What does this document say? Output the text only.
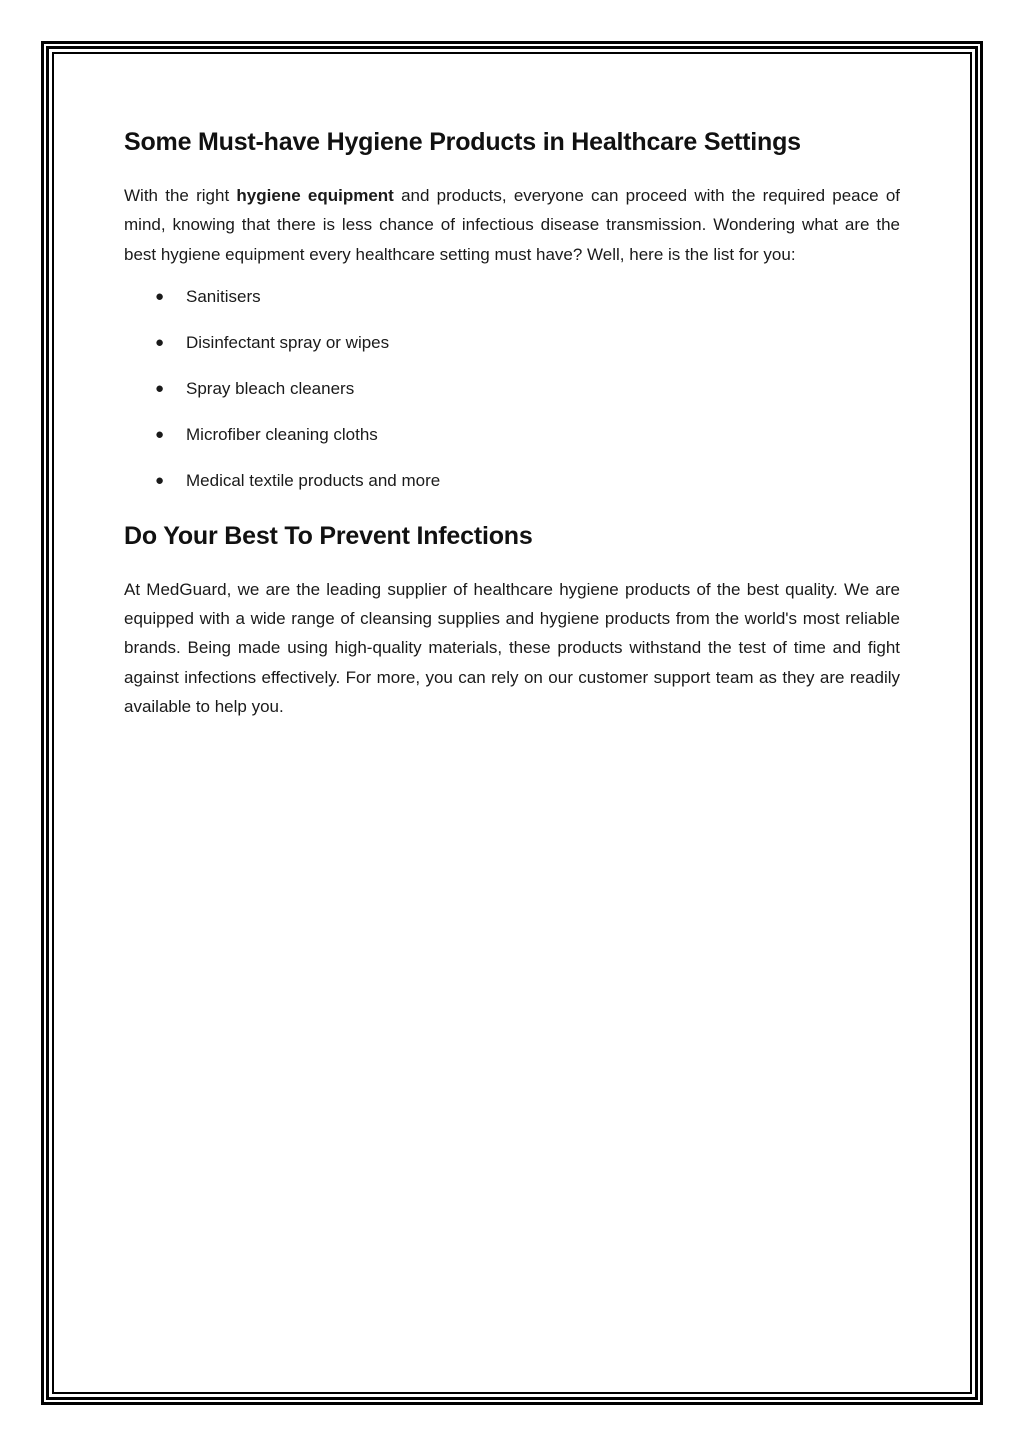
Some Must-have Hygiene Products in Healthcare Settings

With the right hygiene equipment and products, everyone can proceed with the required peace of mind, knowing that there is less chance of infectious disease transmission. Wondering what are the best hygiene equipment every healthcare setting must have? Well, here is the list for you:

● Sanitisers
● Disinfectant spray or wipes
● Spray bleach cleaners
● Microfiber cleaning cloths
● Medical textile products and more
Do Your Best To Prevent Infections

At MedGuard, we are the leading supplier of healthcare hygiene products of the best quality. We are equipped with a wide range of cleansing supplies and hygiene products from the world's most reliable brands. Being made using high-quality materials, these products withstand the test of time and fight against infections effectively. For more, you can rely on our customer support team as they are readily available to help you.
